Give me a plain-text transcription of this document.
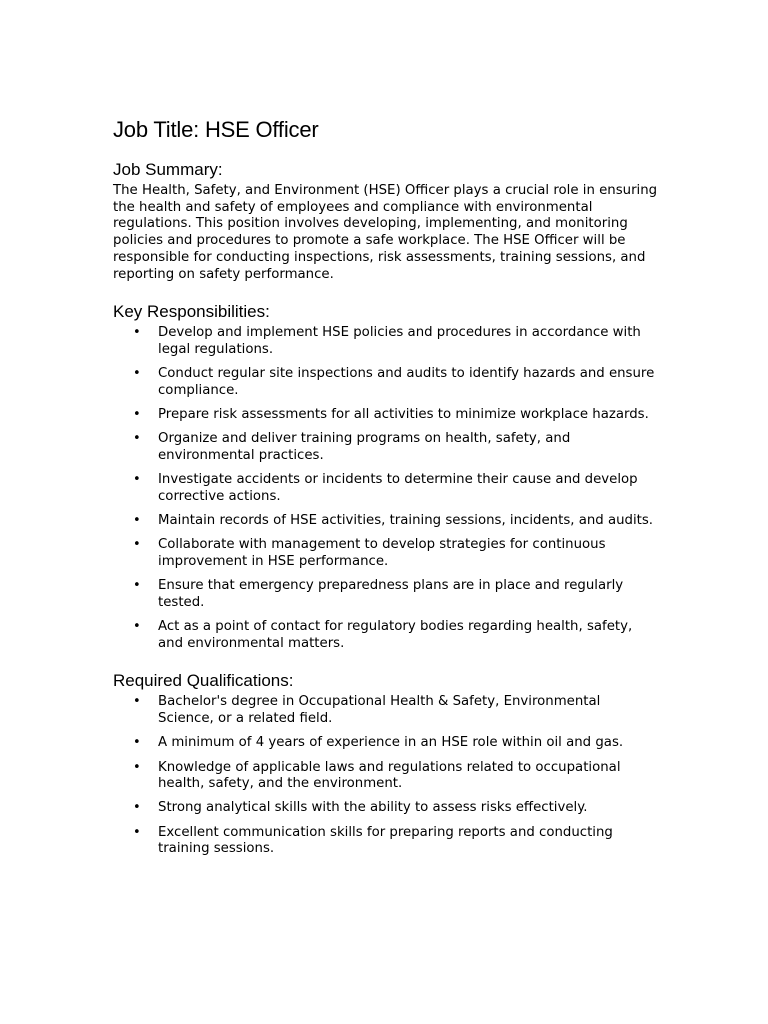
Job Title: HSE Officer
Job Summary:

The Health, Safety, and Environment (HSE) Officer plays a crucial role in ensuring the health and safety of employees and compliance with environmental regulations. This position involves developing, implementing, and monitoring policies and procedures to promote a safe workplace. The HSE Officer will be responsible for conducting inspections, risk assessments, training sessions, and reporting on safety performance.

Key Responsibilities:
• Develop and implement HSE policies and procedures in accordance with legal regulations.
• Conduct regular site inspections and audits to identify hazards and ensure compliance.
• Prepare risk assessments for all activities to minimize workplace hazards.
• Organize and deliver training programs on health, safety, and environmental practices.
• Investigate accidents or incidents to determine their cause and develop corrective actions.
• Maintain records of HSE activities, training sessions, incidents, and audits.
• Collaborate with management to develop strategies for continuous improvement in HSE performance.
• Ensure that emergency preparedness plans are in place and regularly tested.
• Act as a point of contact for regulatory bodies regarding health, safety, and environmental matters.
Required Qualifications:
• Bachelor's degree in Occupational Health & Safety, Environmental Science, or a related field.
• A minimum of 4 years of experience in an HSE role within oil and gas.
• Knowledge of applicable laws and regulations related to occupational health, safety, and the environment.
• Strong analytical skills with the ability to assess risks effectively.
• Excellent communication skills for preparing reports and conducting training sessions.
